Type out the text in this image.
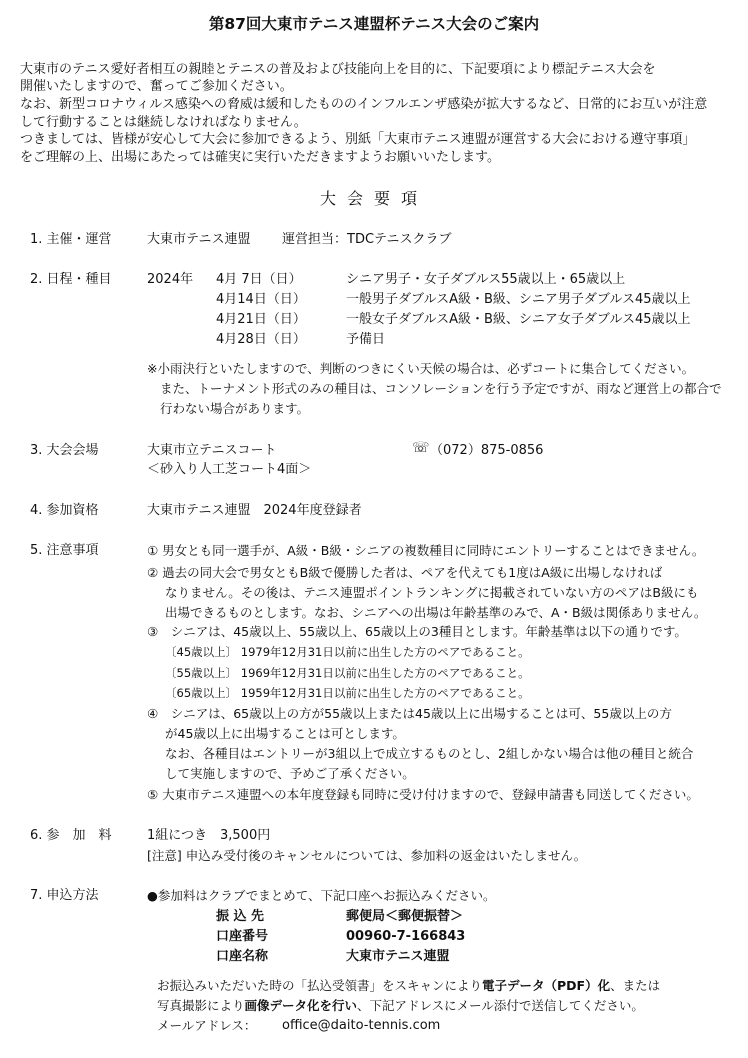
第87回大東市テニス連盟杯テニス大会のご案内
大東市のテニス愛好者相互の親睦とテニスの普及および技能向上を目的に、下記要項により標記テニス大会を
開催いたしますので、奮ってご参加ください。
なお、新型コロナウィルス感染への脅威は緩和したもののインフルエンザ感染が拡大するなど、日常的にお互いが注意
して行動することは継続しなければなりません。
つきましては、皆様が安心して大会に参加できるよう、別紙「大東市テニス連盟が運営する大会における遵守事項」
をご理解の上、出場にあたっては確実に実行いただきますようお願いいたします。
大会要項
1. 主催・運営	大東市テニス連盟 運営担当：TDCテニスクラブ
2. 日程・種目	2024年 4月 7日（日）	シニア男子・女子ダブルス55歳以上・65歳以上
4月14日（日）	一般男子ダブルスA級・B級、シニア男子ダブルス45歳以上
4月21日（日）	一般女子ダブルスA級・B級、シニア女子ダブルス45歳以上
4月28日（日）	予備日
※小雨決行といたしますので、判断のつきにくい天候の場合は、必ずコートに集合してください。
また、トーナメント形式のみの種目は、コンソレーションを行う予定ですが、雨など運営上の都合で
行わない場合があります。
3. 大会会場	大東市立テニスコート	☏ （072）875-0856
＜砂入り人工芝コート4面＞
4. 参加資格	大東市テニス連盟　2024年度登録者
5. 注意事項	① 男女とも同一選手が、A級・B級・シニアの複数種目に同時にエントリーすることはできません。
② 過去の同大会で男女ともB級で優勝した者は、ペアを代えても1度はA級に出場しなければ
なりません。その後は、テニス連盟ポイントランキングに掲載されていない方のペアはB級にも
出場できるものとします。なお、シニアへの出場は年齢基準のみで、A・B級は関係ありません。
③　シニアは、45歳以上、55歳以上、65歳以上の3種目とします。年齢基準は以下の通りです。
〔45歳以上〕 1979年12月31日以前に出生した方のペアであること。
〔55歳以上〕 1969年12月31日以前に出生した方のペアであること。
〔65歳以上〕 1959年12月31日以前に出生した方のペアであること。
④　シニアは、65歳以上の方が55歳以上または45歳以上に出場することは可、55歳以上の方
が45歳以上に出場することは可とします。
なお、各種目はエントリーが3組以上で成立するものとし、2組しかない場合は他の種目と統合
して実施しますので、予めご了承ください。
⑤ 大東市テニス連盟への本年度登録も同時に受け付けますので、登録申請書も同送してください。
6. 参　加　料	1組につき　3,500円
[注意] 申込み受付後のキャンセルについては、参加料の返金はいたしません。
7. 申込方法	●参加料はクラブでまとめて、下記口座へお振込みください。
振 込 先	郵便局＜郵便振替＞
口座番号	00960-7-166843
口座名称	大東市テニス連盟
お振込みいただいた時の「払込受領書」をスキャンにより電子データ（PDF）化、または
写真撮影により画像データ化を行い、下記アドレスにメール添付で送信してください。
メールアドレス： office@daito-tennis.com
